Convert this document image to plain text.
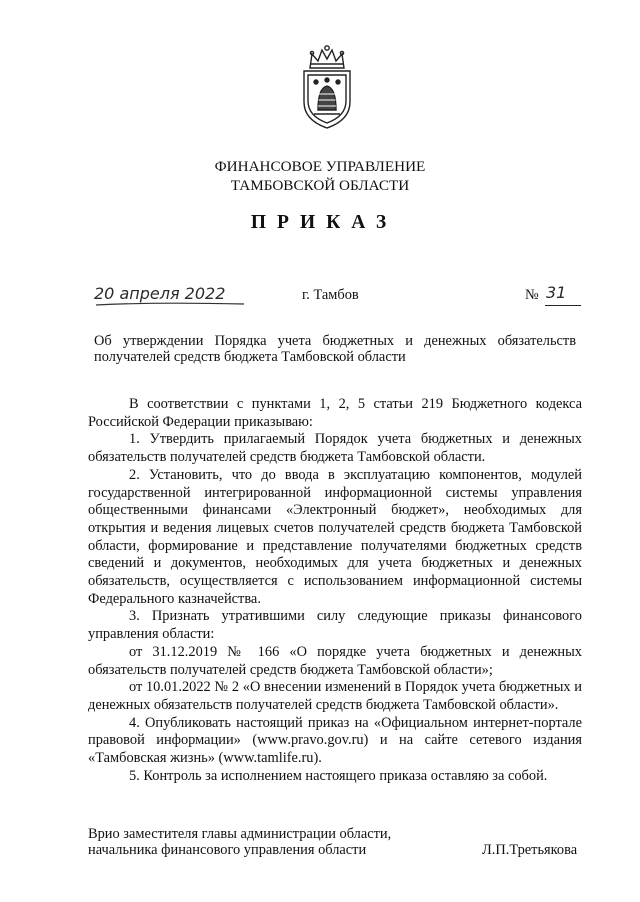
ФИНАНСОВОЕ УПРАВЛЕНИЕ
ТАМБОВСКОЙ ОБЛАСТИ
ПРИКАЗ
20 апреля 2022	г. Тамбов	№ 31
Об утверждении Порядка учета бюджетных и денежных обязательств получателей средств бюджета Тамбовской области

В соответствии с пунктами 1, 2, 5 статьи 219 Бюджетного кодекса Российской Федерации приказываю:

1. Утвердить прилагаемый Порядок учета бюджетных и денежных обязательств получателей средств бюджета Тамбовской области.

2. Установить, что до ввода в эксплуатацию компонентов, модулей государственной интегрированной информационной системы управления общественными финансами «Электронный бюджет», необходимых для открытия и ведения лицевых счетов получателей средств бюджета Тамбовской области, формирование и представление получателями бюджетных средств сведений и документов, необходимых для учета бюджетных и денежных обязательств, осуществляется с использованием информационной системы Федерального казначейства.

3. Признать утратившими силу следующие приказы финансового управления области:

от 31.12.2019 № 166 «О порядке учета бюджетных и денежных обязательств получателей средств бюджета Тамбовской области»;

от 10.01.2022 № 2 «О внесении изменений в Порядок учета бюджетных и денежных обязательств получателей средств бюджета Тамбовской области».

4. Опубликовать настоящий приказ на «Официальном интернет-портале правовой информации» (www.pravo.gov.ru) и на сайте сетевого издания «Тамбовская жизнь» (www.tamlife.ru).

5. Контроль за исполнением настоящего приказа оставляю за собой.

Врио заместителя главы администрации области,
начальника финансового управления области	Л.П.Третьякова
